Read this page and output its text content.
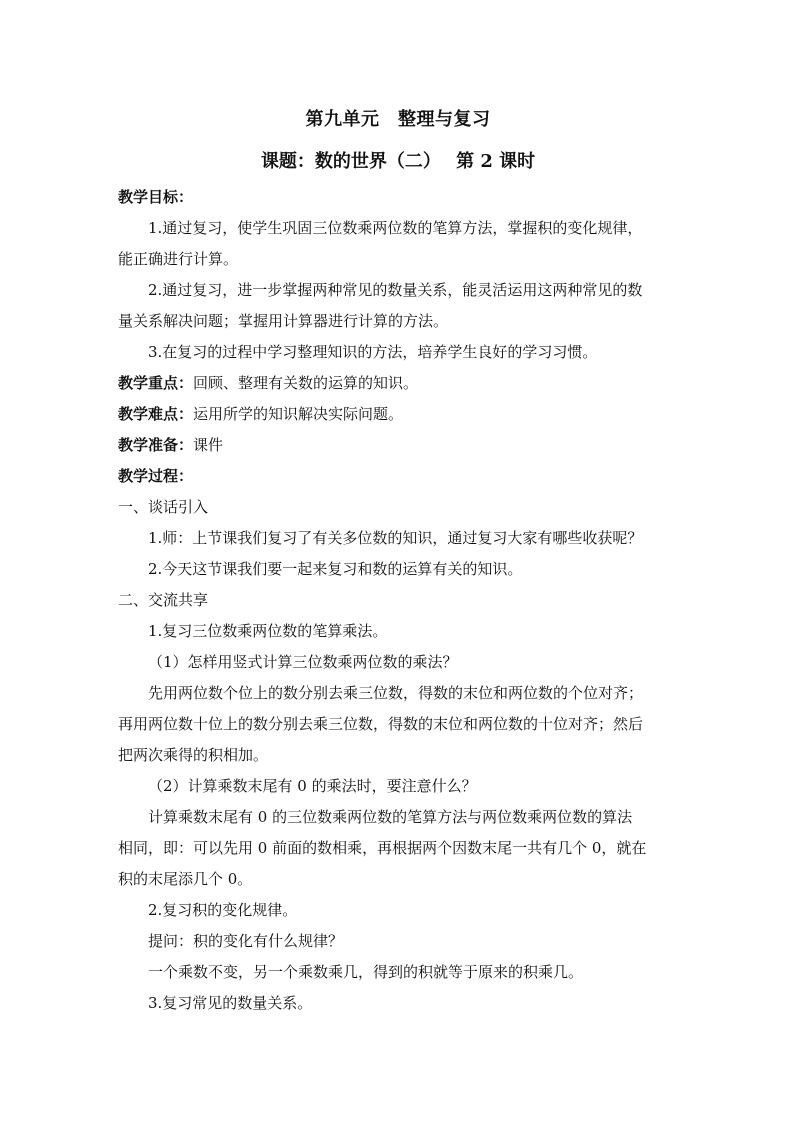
第九单元　整理与复习

课题：数的世界（二）　 第 2 课时

教学目标：

1.通过复习，使学生巩固三位数乘两位数的笔算方法，掌握积的变化规律，

能正确进行计算。

2.通过复习，进一步掌握两种常见的数量关系，能灵活运用这两种常见的数

量关系解决问题；掌握用计算器进行计算的方法。

3.在复习的过程中学习整理知识的方法，培养学生良好的学习习惯。

教学重点：回顾、整理有关数的运算的知识。

教学难点：运用所学的知识解决实际问题。

教学准备：课件

教学过程：

一、谈话引入

1.师：上节课我们复习了有关多位数的知识，通过复习大家有哪些收获呢？

2.今天这节课我们要一起来复习和数的运算有关的知识。

二、交流共享

1.复习三位数乘两位数的笔算乘法。

（1）怎样用竖式计算三位数乘两位数的乘法？

先用两位数个位上的数分别去乘三位数，得数的末位和两位数的个位对齐；

再用两位数十位上的数分别去乘三位数，得数的末位和两位数的十位对齐；然后

把两次乘得的积相加。

（2）计算乘数末尾有 0 的乘法时，要注意什么？

计算乘数末尾有 0 的三位数乘两位数的笔算方法与两位数乘两位数的算法

相同，即：可以先用 0 前面的数相乘，再根据两个因数末尾一共有几个 0，就在

积的末尾添几个 0。

2.复习积的变化规律。

提问：积的变化有什么规律？

一个乘数不变，另一个乘数乘几，得到的积就等于原来的积乘几。

3.复习常见的数量关系。
